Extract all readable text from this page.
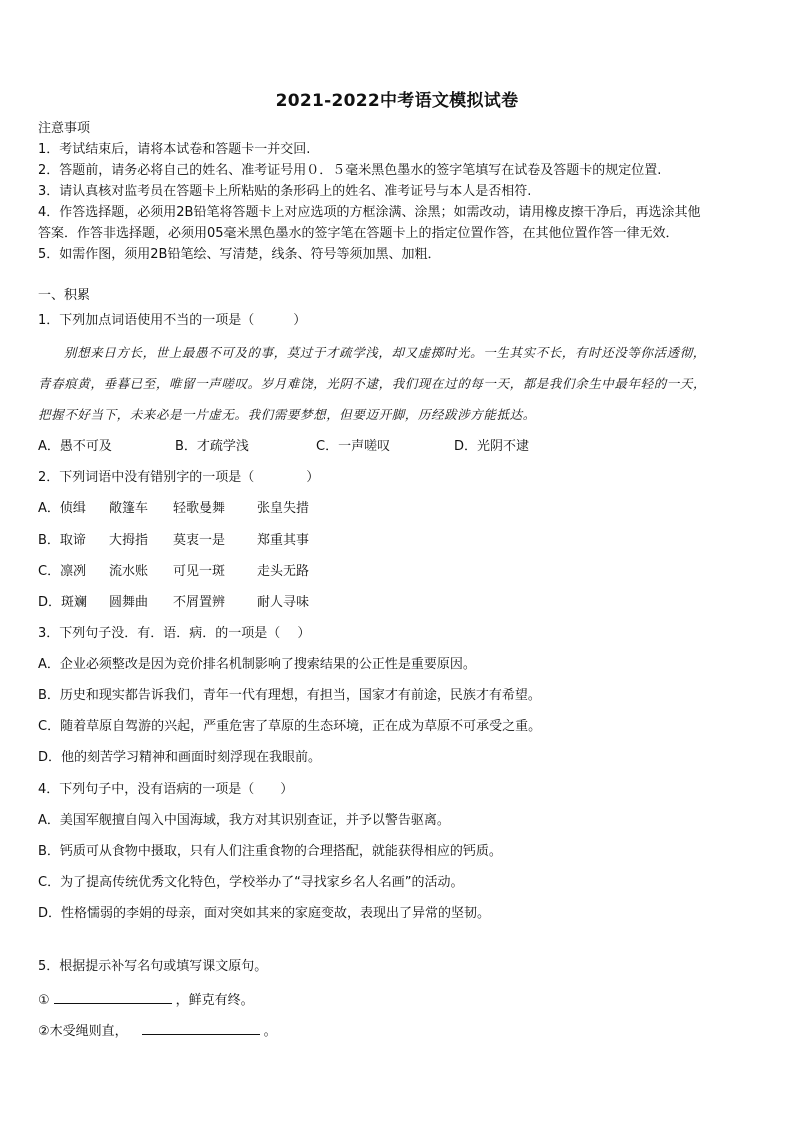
2021-2022中考语文模拟试卷
注意事项
1．考试结束后，请将本试卷和答题卡一并交回.
2．答题前，请务必将自己的姓名、准考证号用０．５毫米黑色墨水的签字笔填写在试卷及答题卡的规定位置.
3．请认真核对监考员在答题卡上所粘贴的条形码上的姓名、准考证号与本人是否相符.
4．作答选择题，必须用2B铅笔将答题卡上对应选项的方框涂满、涂黑；如需改动，请用橡皮擦干净后，再选涂其他
答案．作答非选择题，必须用05毫米黑色墨水的签字笔在答题卡上的指定位置作答，在其他位置作答一律无效．
5．如需作图，须用2B铅笔绘、写清楚，线条、符号等须加黑、加粗．
一、积累
1．下列加点词语使用不当的一项是（　　　）
别想来日方长，世上最愚不可及的事，莫过于才疏学浅，却又虚掷时光。一生其实不长，有时还没等你活透彻，
青春痕黄，垂暮已至，唯留一声嗟叹。岁月难饶，光阴不逮，我们现在过的每一天，都是我们余生中最年轻的一天，
把握不好当下，未来必是一片虚无。我们需要梦想，但要迈开脚，历经跋涉方能抵达。
A．愚不可及	B．才疏学浅	C．一声嗟叹	D．光阴不逮
2．下列词语中没有错别字的一项是（　　　　）
A．侦缉 敞篷车 轻歌曼舞 张皇失措
B．取谛 大拇指 莫衷一是 郑重其事
C．凛冽 流水账 可见一斑 走头无路
D．斑斓 圆舞曲 不屑置辨 耐人寻味
3．下列句子没．有．语．病．的一项是（　 ）
A．企业必须整改是因为竞价排名机制影响了搜索结果的公正性是重要原因。
B．历史和现实都告诉我们，青年一代有理想，有担当，国家才有前途，民族才有希望。
C．随着草原自驾游的兴起，严重危害了草原的生态环境，正在成为草原不可承受之重。
D．他的刻苦学习精神和画面时刻浮现在我眼前。
4．下列句子中，没有语病的一项是（　　）
A．美国军舰擅自闯入中国海域，我方对其识别查证，并予以警告驱离。
B．钙质可从食物中摄取，只有人们注重食物的合理搭配，就能获得相应的钙质。
C．为了提高传统优秀文化特色，学校举办了“寻找家乡名人名画”的活动。
D．性格懦弱的李娟的母亲，面对突如其来的家庭变故，表现出了异常的坚韧。
5．根据提示补写名句或填写课文原句。
①	，鲜克有终。
②木受绳则直，	。
